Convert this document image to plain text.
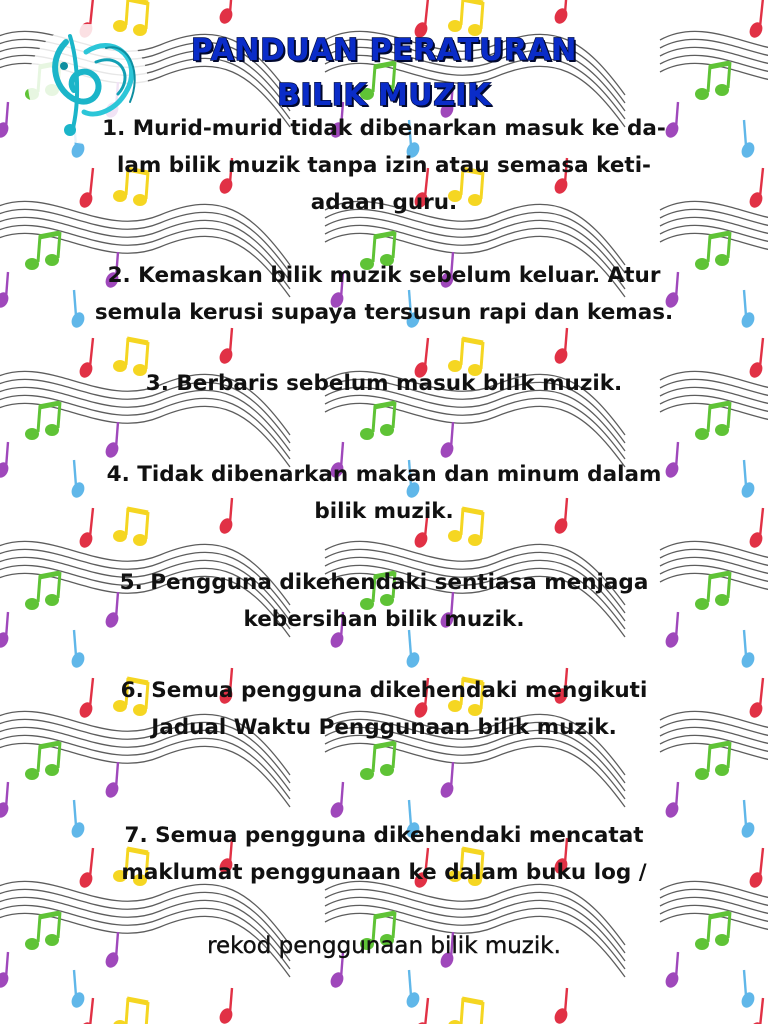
PANDUAN PERATURAN
BILIK MUZIK
1. Murid-murid tidak dibenarkan masuk ke da-
lam bilik muzik tanpa izin atau semasa keti-
adaan guru.
2. Kemaskan bilik muzik sebelum keluar. Atur
semula kerusi supaya tersusun rapi dan kemas.
3. Berbaris sebelum masuk bilik muzik.
4. Tidak dibenarkan makan dan minum dalam
bilik muzik.
5. Pengguna dikehendaki sentiasa menjaga
kebersihan bilik muzik.
6. Semua pengguna dikehendaki mengikuti
Jadual Waktu Penggunaan bilik muzik.

7. Semua pengguna dikehendaki mencatat
maklumat penggunaan ke dalam buku log /

rekod penggunaan bilik muzik.
